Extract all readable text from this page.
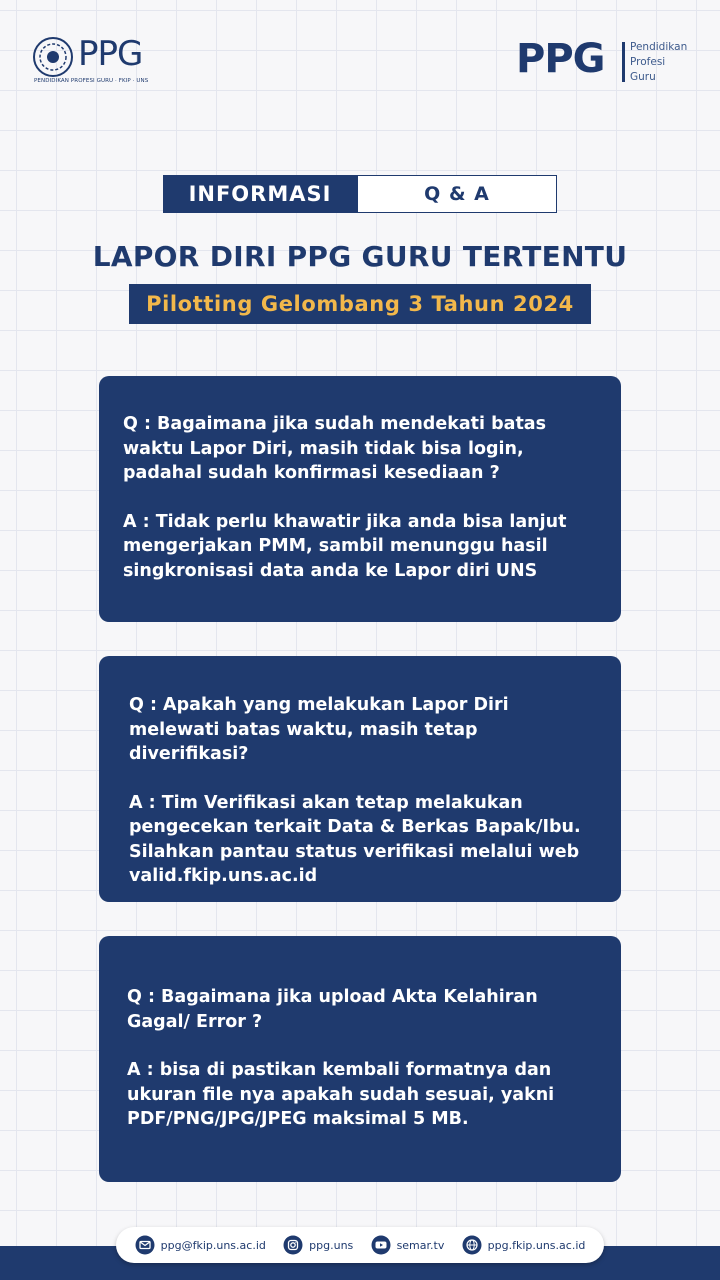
PPG
PENDIDIKAN PROFESI GURU · FKIP · UNS	PPG Pendidikan
Profesi
Guru
INFORMASI	Q & A
LAPOR DIRI PPG GURU TERTENTU
Pilotting Gelombang 3 Tahun 2024

Q : Bagaimana jika sudah mendekati batas waktu Lapor Diri, masih tidak bisa login, padahal sudah konfirmasi kesediaan ?

A : Tidak perlu khawatir jika anda bisa lanjut mengerjakan PMM, sambil menunggu hasil singkronisasi data anda ke Lapor diri UNS

Q : Apakah yang melakukan Lapor Diri melewati batas waktu, masih tetap diverifikasi?

A : Tim Verifikasi akan tetap melakukan pengecekan terkait Data & Berkas Bapak/Ibu. Silahkan pantau status verifikasi melalui web valid.fkip.uns.ac.id

Q : Bagaimana jika upload Akta Kelahiran Gagal/ Error ?

A : bisa di pastikan kembali formatnya dan ukuran file nya apakah sudah sesuai, yakni PDF/PNG/JPG/JPEG maksimal 5 MB.

ppg@fkip.uns.ac.id	ppg.uns	semar.tv	ppg.fkip.uns.ac.id
